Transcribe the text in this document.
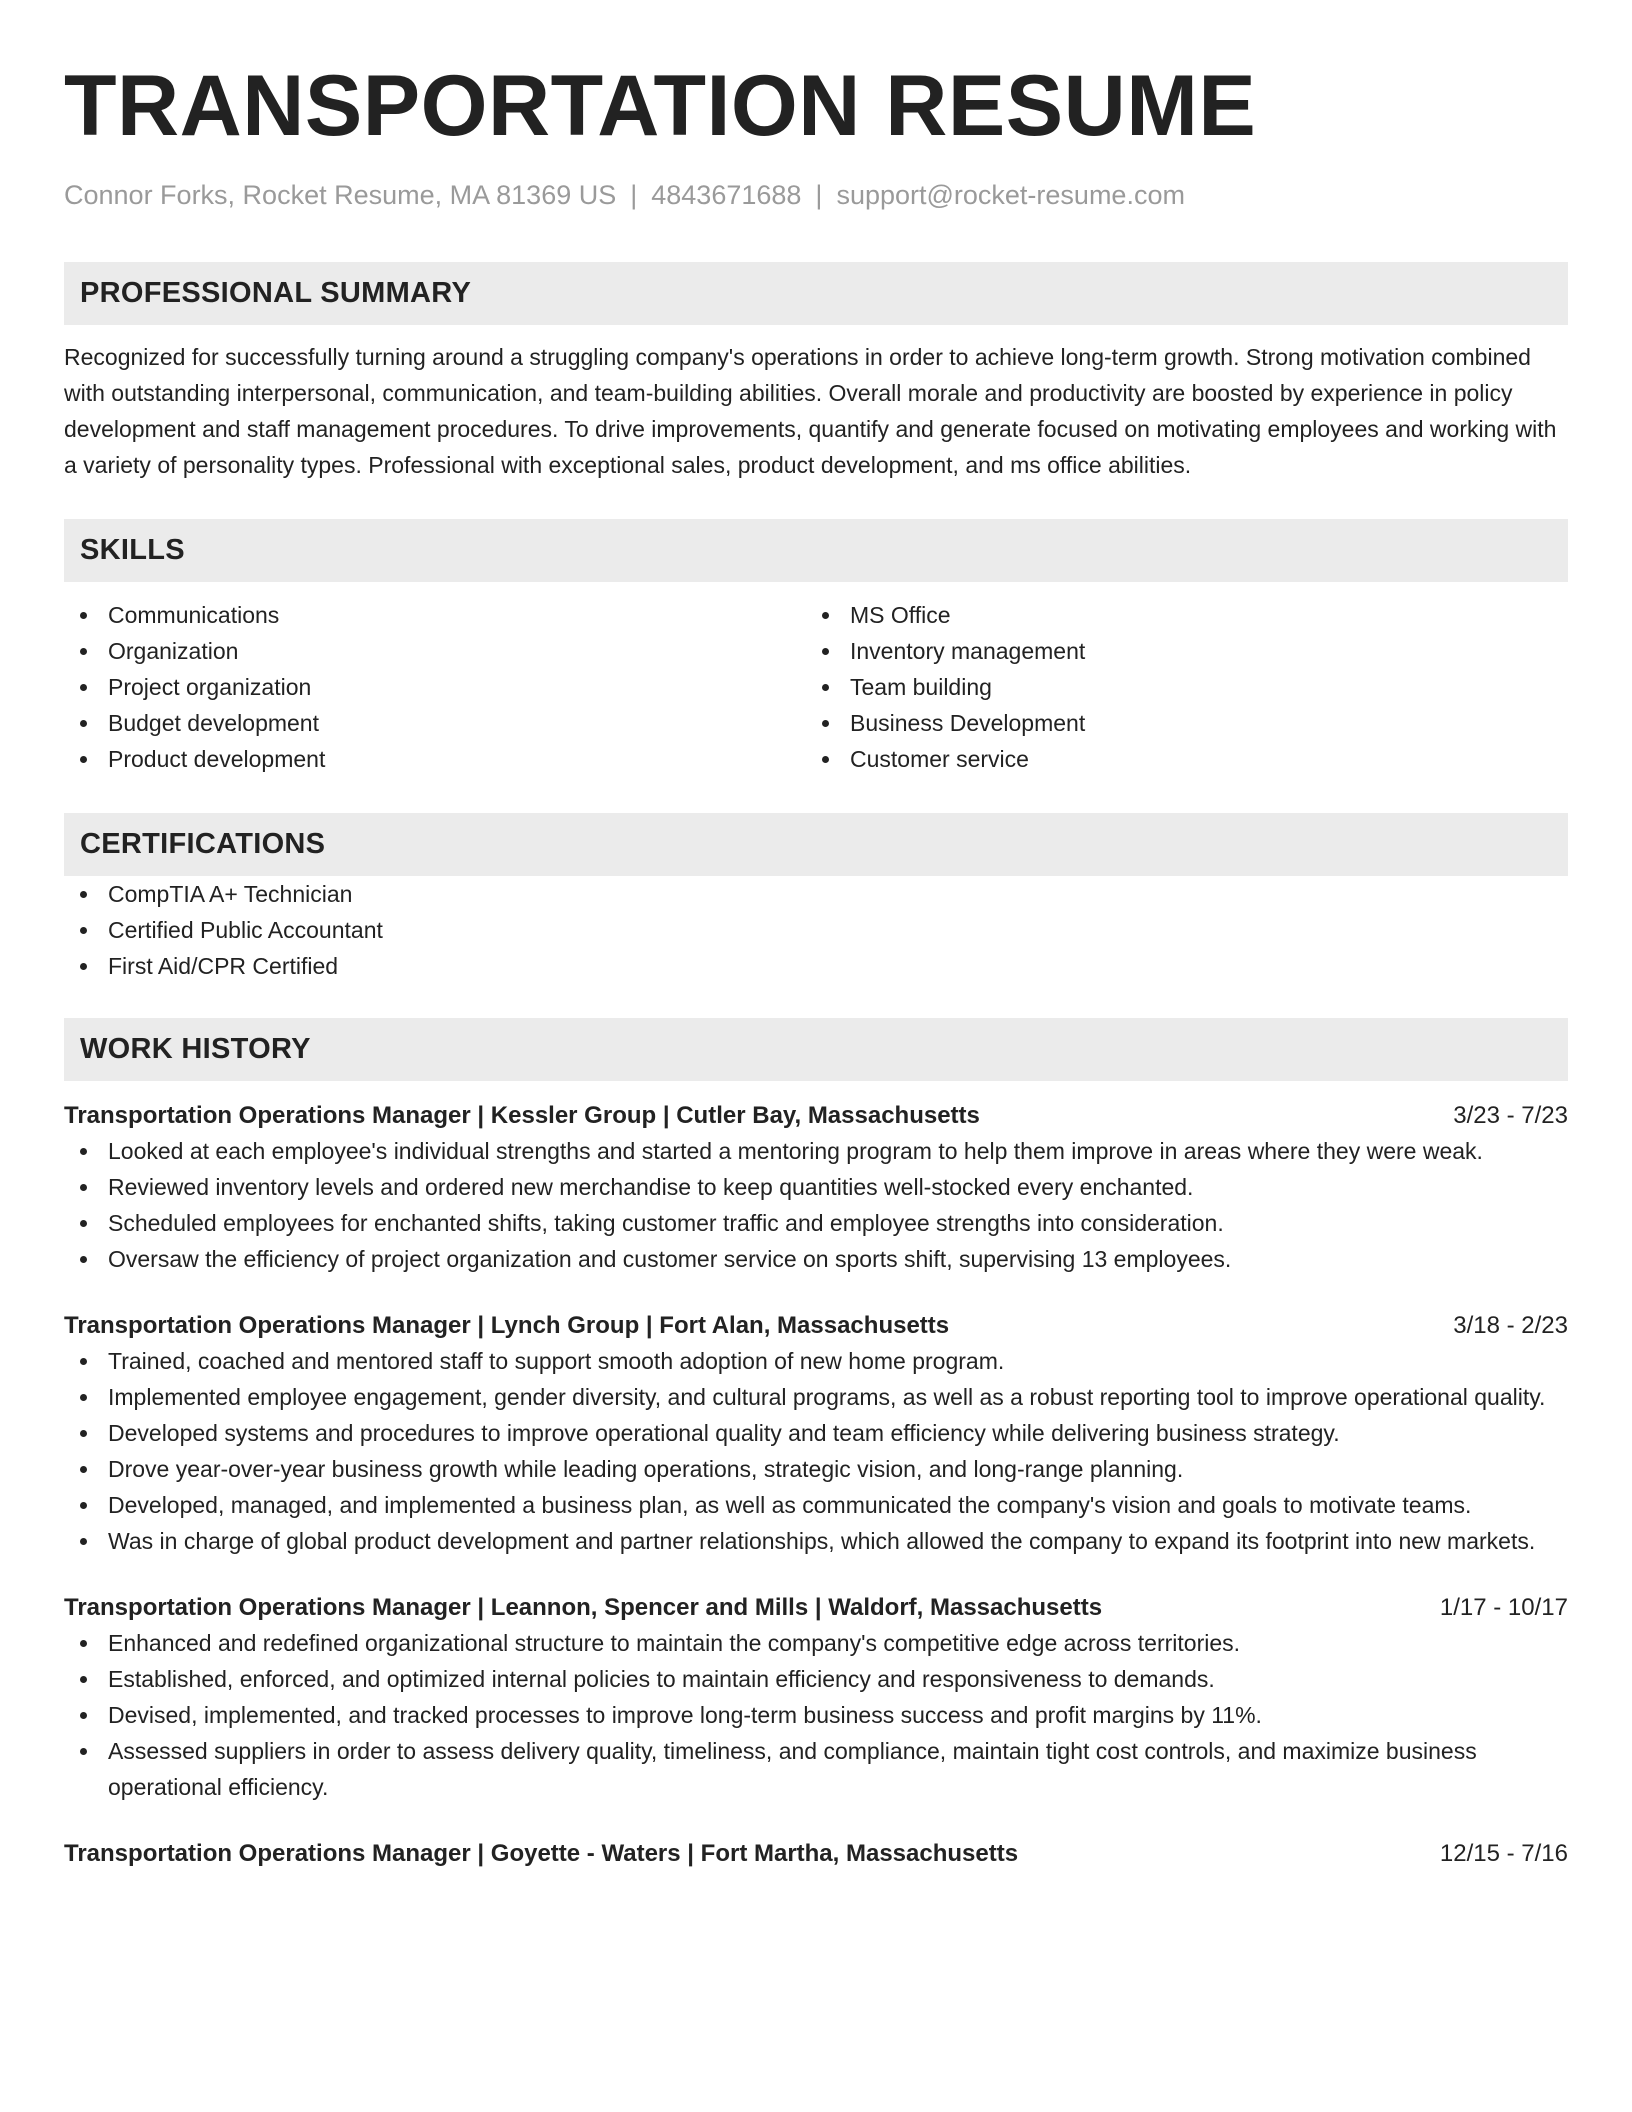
TRANSPORTATION RESUME
Connor Forks, Rocket Resume, MA 81369 US | 4843671688 | support@rocket-resume.com
PROFESSIONAL SUMMARY
Recognized for successfully turning around a struggling company's operations in order to achieve long-term growth. Strong motivation combined with outstanding interpersonal, communication, and team-building abilities. Overall morale and productivity are boosted by experience in policy development and staff management procedures. To drive improvements, quantify and generate focused on motivating employees and working with a variety of personality types. Professional with exceptional sales, product development, and ms office abilities.
SKILLS
Communications
Organization
Project organization
Budget development
Product development
MS Office
Inventory management
Team building
Business Development
Customer service
CERTIFICATIONS
CompTIA A+ Technician
Certified Public Accountant
First Aid/CPR Certified
WORK HISTORY
Transportation Operations Manager | Kessler Group | Cutler Bay, Massachusetts	3/23 - 7/23
Looked at each employee's individual strengths and started a mentoring program to help them improve in areas where they were weak.
Reviewed inventory levels and ordered new merchandise to keep quantities well-stocked every enchanted.
Scheduled employees for enchanted shifts, taking customer traffic and employee strengths into consideration.
Oversaw the efficiency of project organization and customer service on sports shift, supervising 13 employees.
Transportation Operations Manager | Lynch Group | Fort Alan, Massachusetts	3/18 - 2/23
Trained, coached and mentored staff to support smooth adoption of new home program.
Implemented employee engagement, gender diversity, and cultural programs, as well as a robust reporting tool to improve operational quality.
Developed systems and procedures to improve operational quality and team efficiency while delivering business strategy.
Drove year-over-year business growth while leading operations, strategic vision, and long-range planning.
Developed, managed, and implemented a business plan, as well as communicated the company's vision and goals to motivate teams.
Was in charge of global product development and partner relationships, which allowed the company to expand its footprint into new markets.
Transportation Operations Manager | Leannon, Spencer and Mills | Waldorf, Massachusetts	1/17 - 10/17
Enhanced and redefined organizational structure to maintain the company's competitive edge across territories.
Established, enforced, and optimized internal policies to maintain efficiency and responsiveness to demands.
Devised, implemented, and tracked processes to improve long-term business success and profit margins by 11%.
Assessed suppliers in order to assess delivery quality, timeliness, and compliance, maintain tight cost controls, and maximize business operational efficiency.
Transportation Operations Manager | Goyette - Waters | Fort Martha, Massachusetts	12/15 - 7/16
